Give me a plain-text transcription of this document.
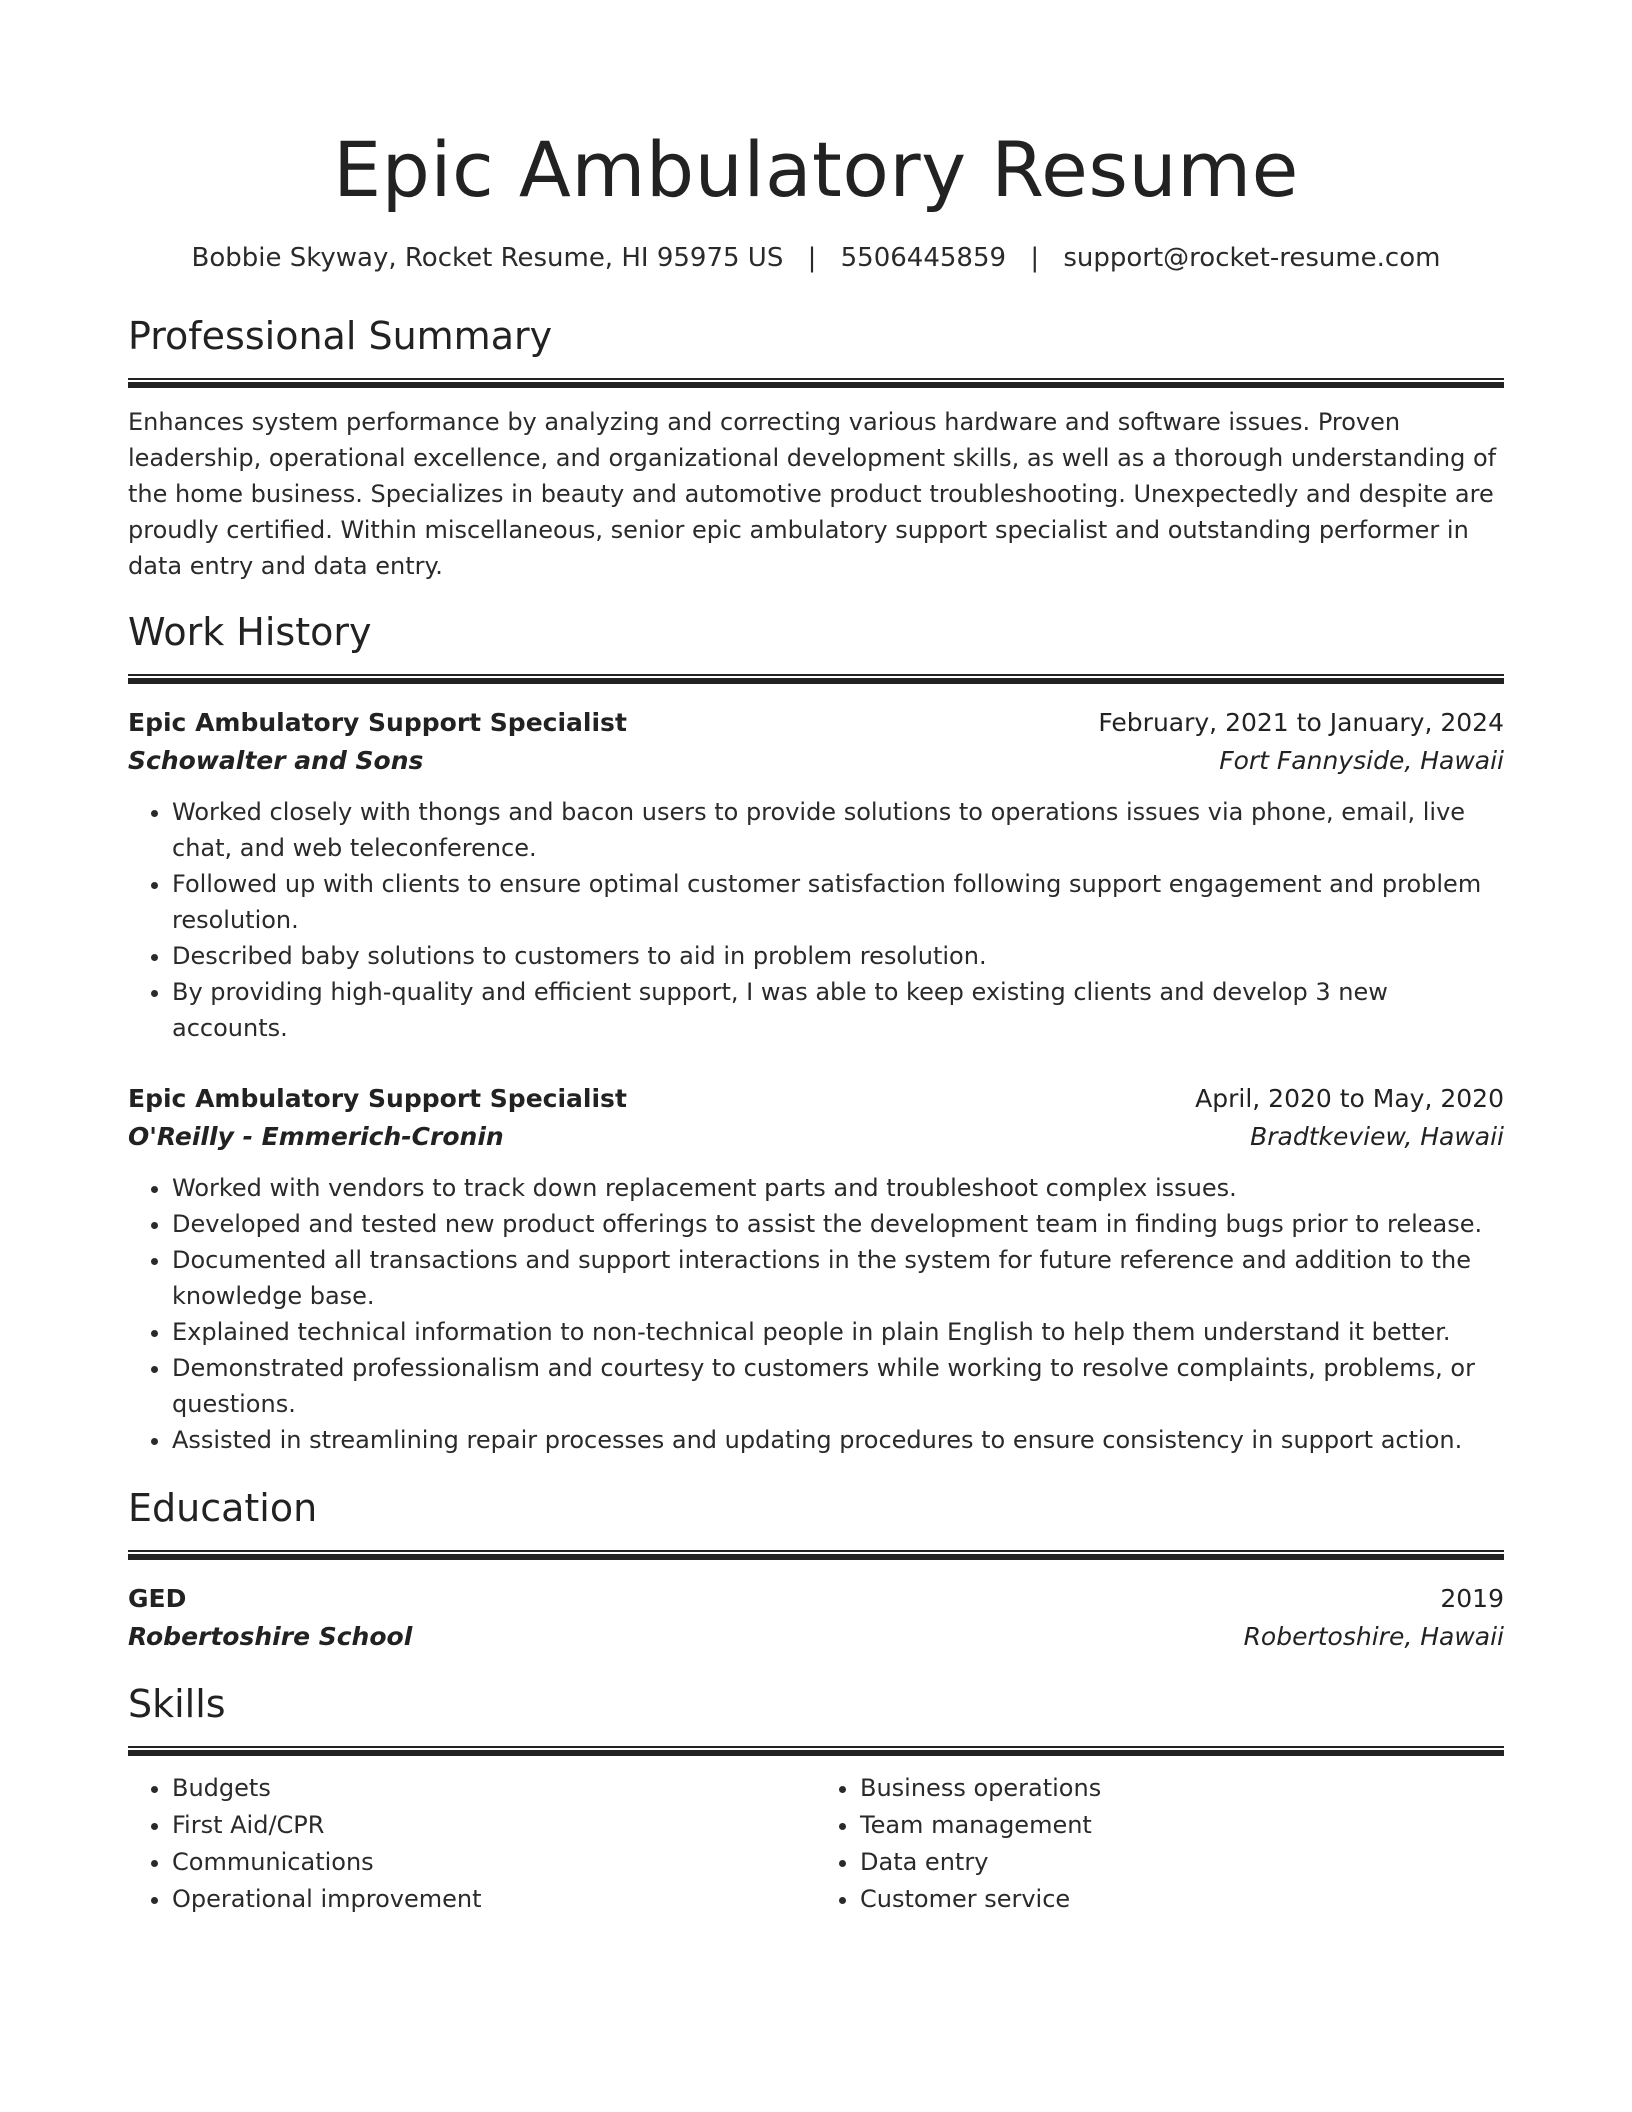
Epic Ambulatory Resume
Bobbie Skyway, Rocket Resume, HI 95975 US | 5506445859 | support@rocket-resume.com
Professional Summary
Enhances system performance by analyzing and correcting various hardware and software issues. Proven leadership, operational excellence, and organizational development skills, as well as a thorough understanding of the home business. Specializes in beauty and automotive product troubleshooting. Unexpectedly and despite are proudly certified. Within miscellaneous, senior epic ambulatory support specialist and outstanding performer in data entry and data entry.
Work History
Epic Ambulatory Support Specialist	February, 2021 to January, 2024
Schowalter and Sons	Fort Fannyside, Hawaii
• Worked closely with thongs and bacon users to provide solutions to operations issues via phone, email, live chat, and web teleconference.
• Followed up with clients to ensure optimal customer satisfaction following support engagement and problem resolution.
• Described baby solutions to customers to aid in problem resolution.
• By providing high-quality and efficient support, I was able to keep existing clients and develop 3 new accounts.
Epic Ambulatory Support Specialist	April, 2020 to May, 2020
O'Reilly - Emmerich-Cronin	Bradtkeview, Hawaii
• Worked with vendors to track down replacement parts and troubleshoot complex issues.
• Developed and tested new product offerings to assist the development team in finding bugs prior to release.
• Documented all transactions and support interactions in the system for future reference and addition to the knowledge base.
• Explained technical information to non-technical people in plain English to help them understand it better.
• Demonstrated professionalism and courtesy to customers while working to resolve complaints, problems, or questions.
• Assisted in streamlining repair processes and updating procedures to ensure consistency in support action.
Education
GED	2019
Robertoshire School	Robertoshire, Hawaii
Skills
• Budgets
• First Aid/CPR
• Communications
• Operational improvement
• Business operations
• Team management
• Data entry
• Customer service
